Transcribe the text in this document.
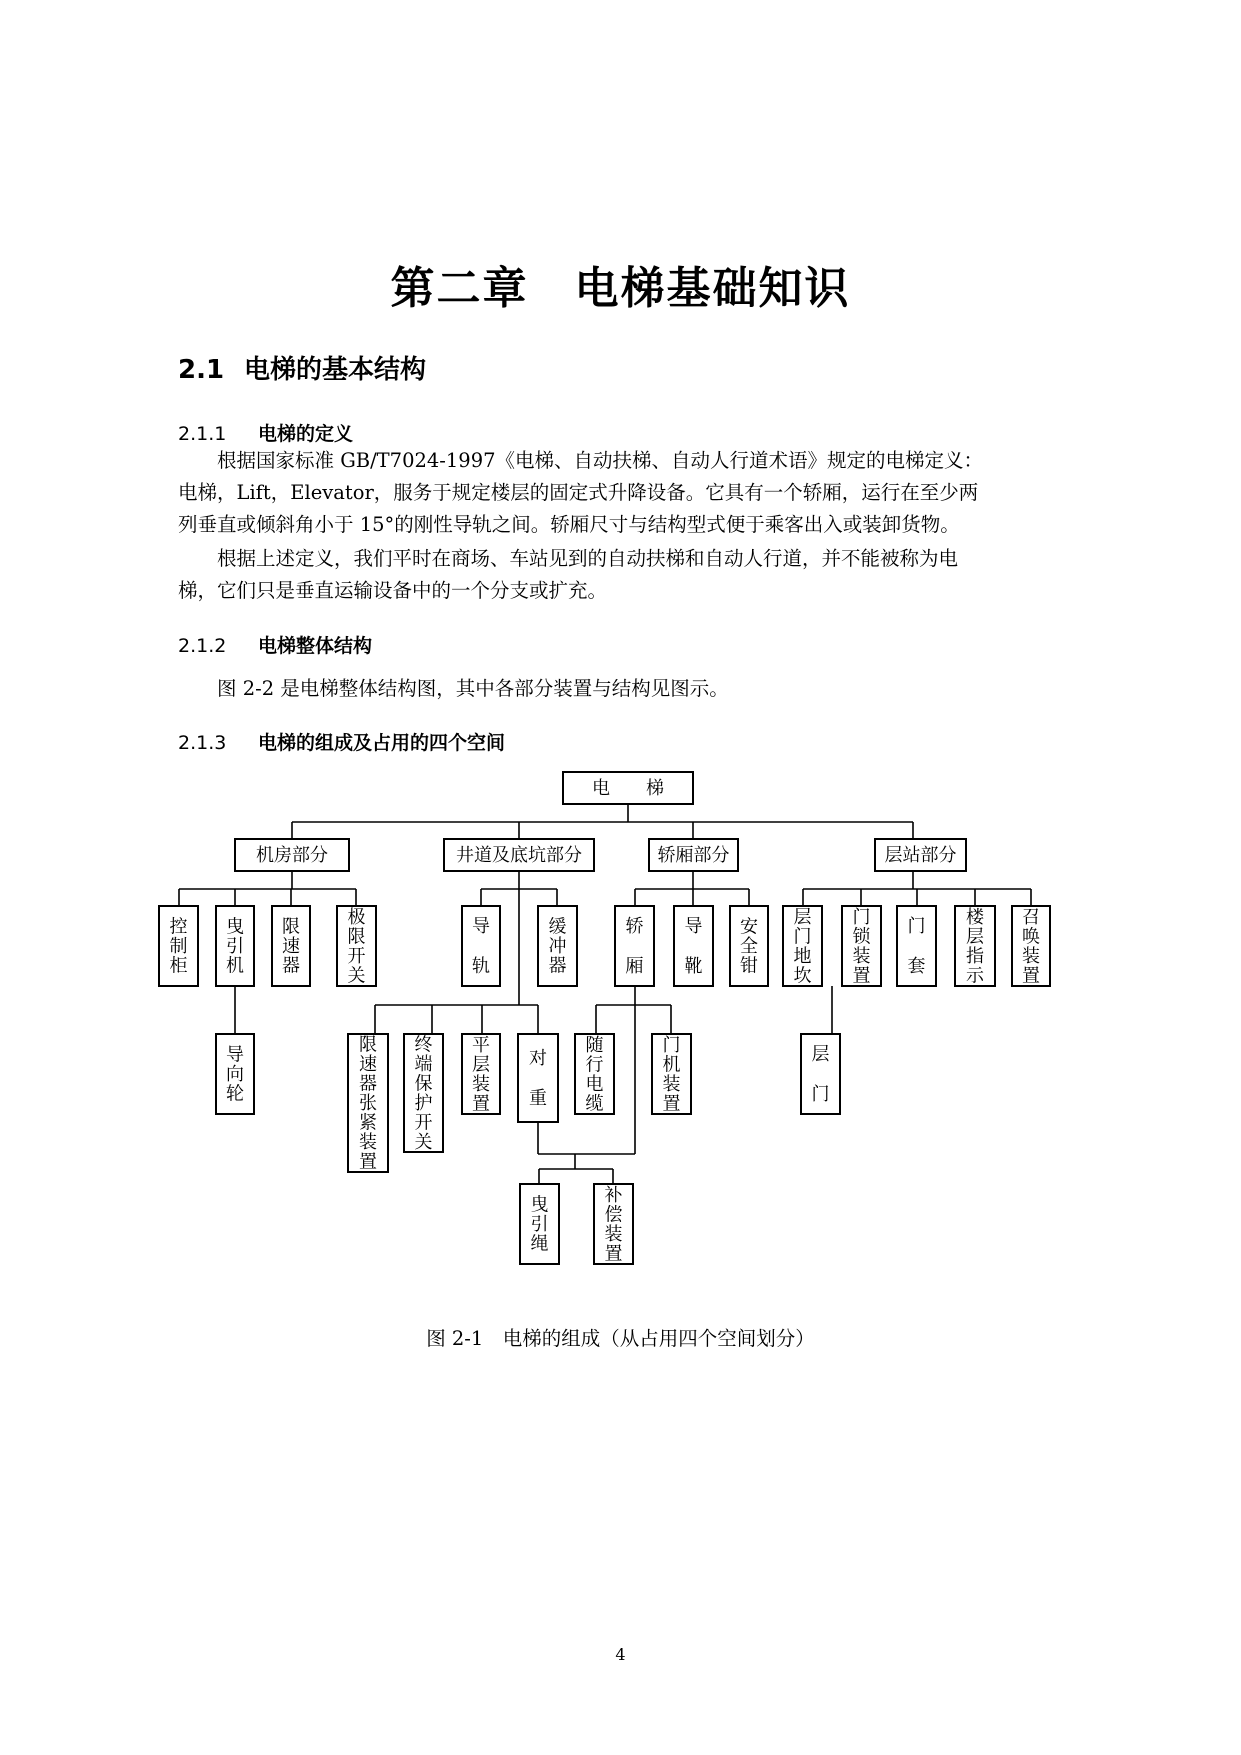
第二章　电梯基础知识
2.1 电梯的基本结构
2.1.1 电梯的定义
根据国家标准 GB/T7024-1997《电梯、自动扶梯、自动人行道术语》规定的电梯定义：
电梯，Lift，Elevator，服务于规定楼层的固定式升降设备。它具有一个轿厢，运行在至少两
列垂直或倾斜角小于 15°的刚性导轨之间。轿厢尺寸与结构型式便于乘客出入或装卸货物。
根据上述定义，我们平时在商场、车站见到的自动扶梯和自动人行道，并不能被称为电
梯，它们只是垂直运输设备中的一个分支或扩充。
2.1.2 电梯整体结构
图 2-2 是电梯整体结构图，其中各部分装置与结构见图示。
2.1.3 电梯的组成及占用的四个空间
电　　梯
机房部分	井道及底坑部分	轿厢部分	层站部分
控制柜
曳引机
限速器
极限开关
导向轮
导轨
缓冲器
限速器张紧装置
终端保护开关
平层装置
对重
轿厢
导靴
安全钳
随行电缆
门机装置
曳引绳
补偿装置
层门地坎
门锁装置
门套
楼层指示
召唤装置
层门
图 2-1　电梯的组成（从占用四个空间划分）
4
